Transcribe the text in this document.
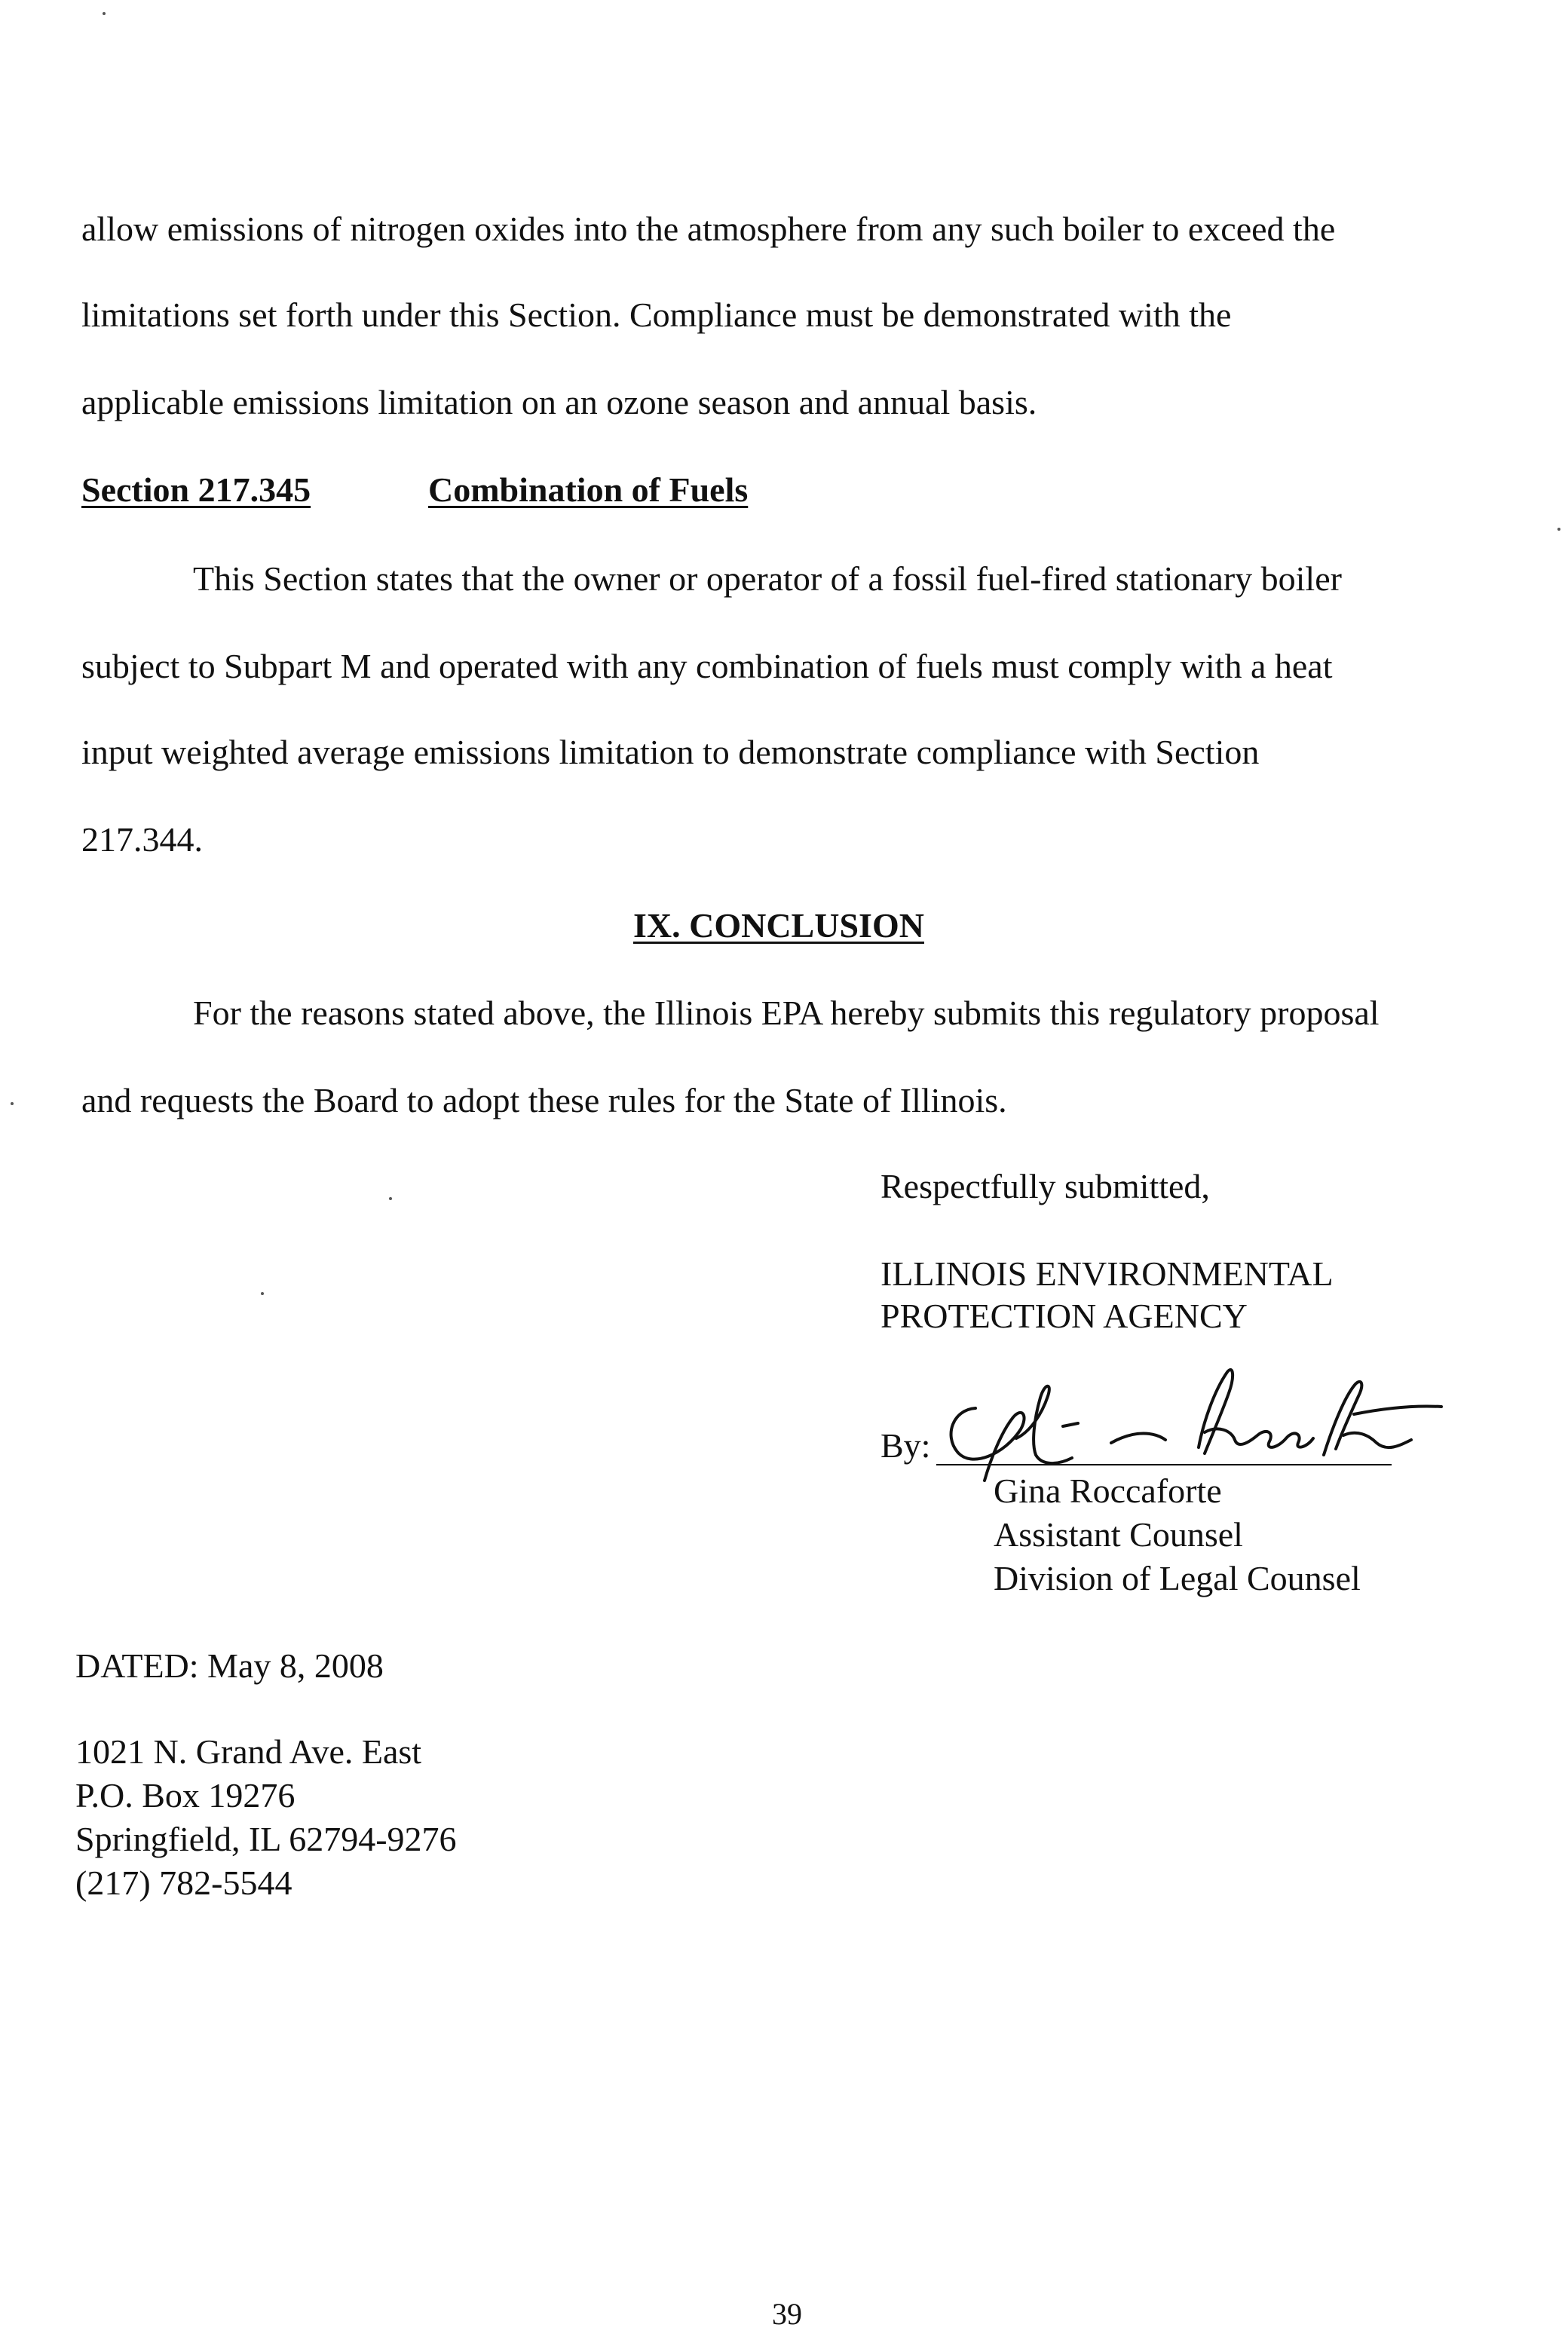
allow emissions of nitrogen oxides into the atmosphere from any such boiler to exceed the

limitations set forth under this Section. Compliance must be demonstrated with the

applicable emissions limitation on an ozone season and annual basis.

Section 217.345	Combination of Fuels

This Section states that the owner or operator of a fossil fuel-fired stationary boiler

subject to Subpart M and operated with any combination of fuels must comply with a heat

input weighted average emissions limitation to demonstrate compliance with Section

217.344.

IX. CONCLUSION

For the reasons stated above, the Illinois EPA hereby submits this regulatory proposal

and requests the Board to adopt these rules for the State of Illinois.

Respectfully submitted,

ILLINOIS ENVIRONMENTAL

PROTECTION AGENCY

By:

Gina Roccaforte

Assistant Counsel

Division of Legal Counsel

DATED: May 8, 2008

1021 N. Grand Ave. East

P.O. Box 19276

Springfield, IL 62794-9276

(217) 782-5544

39
